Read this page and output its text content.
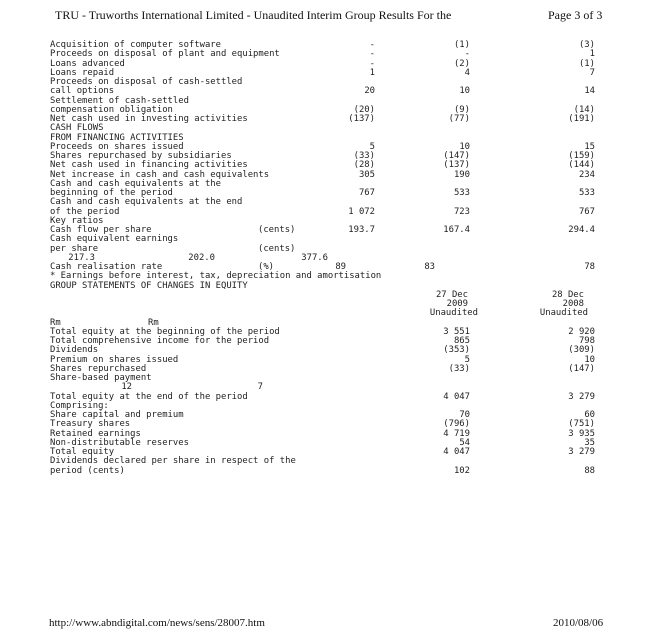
TRU - Truworths International Limited - Unaudited Interim Group Results For the	Page 3 of 3
Acquisition of computer software	-	(1)	(3)
Proceeds on disposal of plant and equipment	-	-	1
Loans advanced	-	(2)	(1)
Loans repaid	1	4	7
Proceeds on disposal of cash-settled
call options	20	10	14
Settlement of cash-settled
compensation obligation	(20)	(9)	(14)
Net cash used in investing activities	(137)	(77)	(191)
CASH FLOWS
FROM FINANCING ACTIVITIES
Proceeds on shares issued	5	10	15
Shares repurchased by subsidiaries	(33)	(147)	(159)
Net cash used in financing activities	(28)	(137)	(144)
Net increase in cash and cash equivalents	305	190	234
Cash and cash equivalents at the
beginning of the period	767	533	533
Cash and cash equivalents at the end
of the period	1 072	723	767
Key ratios
Cash flow per share	(cents)	193.7	167.4	294.4
Cash equivalent earnings
per share	(cents)
217.3	202.0	377.6
Cash realisation rate	(%)	89	83	78
* Earnings before interest, tax, depreciation and amortisation
GROUP STATEMENTS OF CHANGES IN EQUITY
27 Dec	28 Dec
2009	2008
Unaudited	Unaudited
Rm	Rm
Total equity at the beginning of the period	3 551	2 920
Total comprehensive income for the period	865	798
Dividends	(353)	(309)
Premium on shares issued	5	10
Shares repurchased	(33)	(147)
Share-based payment
12	7
Total equity at the end of the period	4 047	3 279
Comprising:
Share capital and premium	70	60
Treasury shares	(796)	(751)
Retained earnings	4 719	3 935
Non-distributable reserves	54	35
Total equity	4 047	3 279
Dividends declared per share in respect of the
period (cents)	102	88
http://www.abndigital.com/news/sens/28007.htm	2010/08/06
